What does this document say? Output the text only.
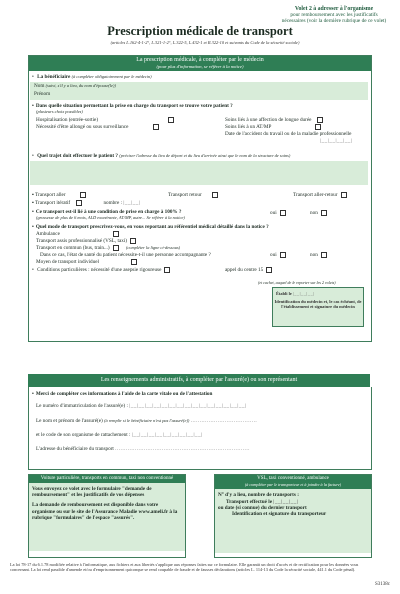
Volet 2 à adresser à l'organisme
pour remboursement avec les justificatifs nécessaires (voir la dernière rubrique de ce volet)
Prescription médicale de transport
(articles L.162-4-1-2°, L.321-1-2°, L.322-5, L.432-1 et R.322-10 et suivants du Code de la sécurité sociale)
La prescription médicale, à compléter par le médecin
(pour plus d'information, se référer à la notice)
• La bénéficiaire (à compléter obligatoirement par le médecin)
Nom (suivi, s'il y a lieu, du nom d'épouse(le))
Prénom
• Dans quelle situation permettant la prise en charge du transport se trouve votre patient ?
(plusieurs choix possibles)
Hospitalisation (entrée-sortie)
Nécessité d'être allongé ou sous surveillance
Soins liés à une affection de longue durée
Soins liés à un AT/MP
Date de l'accident du travail ou de la maladie professionnelle
|__|__|__|__|
• Quel trajet doit effectuer le patient ? (préciser l'adresse du lieu de départ et du lieu d'arrivée ainsi que le nom de la structure de soins)
▪ Transport aller	Transport retour	Transport aller-retour
▪ Transport itératif	nombre : |__|__|
• Ce transport est-il lié à une condition de prise en charge à 100% ?
(grossesse de plus de 6 mois, ALD exonérante, AT/MP, autre... Se référer à la notice)
oui	non
• Quel mode de transport prescrivez-vous, en vous reportant au référentiel médical détaillé dans la notice ?
Ambulance
Transport assis professionnalisé (VSL, taxi)
Transport en commun (bus, train...)	(compléter la ligne ci-dessous)
Dans ce cas, l'état de santé du patient nécessite-t-il une personne accompagnante ?	oui	non
Moyen de transport individuel
• Conditions particulières : nécessité d'une asepsie rigoureuse	appel du centre 15
(et cachet, auquel de le reporter sur les 2 volets)
Établi le |__|__|__|
Identification du médecin et, le cas échéant, de l'établissement et signature du médecin
Les renseignements administratifs, à compléter par l'assuré(e) ou son représentant
• Merci de compléter ces informations à l'aide de la carte vitale ou de l'attestation
Le numéro d'immatriculation de l'assuré(e) : |__|__|__|__|__|__|__|__|__|__|__|__|__|__|__|
Le nom et prénom de l'assuré(e) (à remplir si le bénéficiaire n'est pas l'assuré(e)) .....................................
et le code de son organisme de rattachement : |__|__|__|__|__|__|__|__|__|
L'adresse du bénéficiaire du transport ...........................................................................
Voiture particulière, transports en commun, taxi non conventionné
Vous envoyez ce volet avec le formulaire "demande de remboursement" et les justificatifs de vos dépenses
La demande de remboursement est disponible dans votre organisme ou sur le site de l'Assurance Maladie www.ameli.fr à la rubrique "formulaires" de l'espace "assurés".
VSL, taxi conventionné, ambulance
(à compléter par le transporteur et à joindre à la facture)
N° d'y a lieu, nombre de transports :
Transport effectué le |__|__|__|
ou date (si connue) du dernier transport
Identification et signature du transporteur
La loi 78-17 du 6.1.78 modifiée relative à l'informatique, aux fichiers et aux libertés s'applique aux réponses faites sur ce formulaire. Elle garantit un droit d'accès et de rectification pour les données vous concernant. La loi rend passible d'amende et/ou d'emprisonnement quiconque se rend coupable de fraude et de fausses déclarations (articles L. 114-13 du Code la sécurité sociale, 441.1 du Code pénal).
S3138c
